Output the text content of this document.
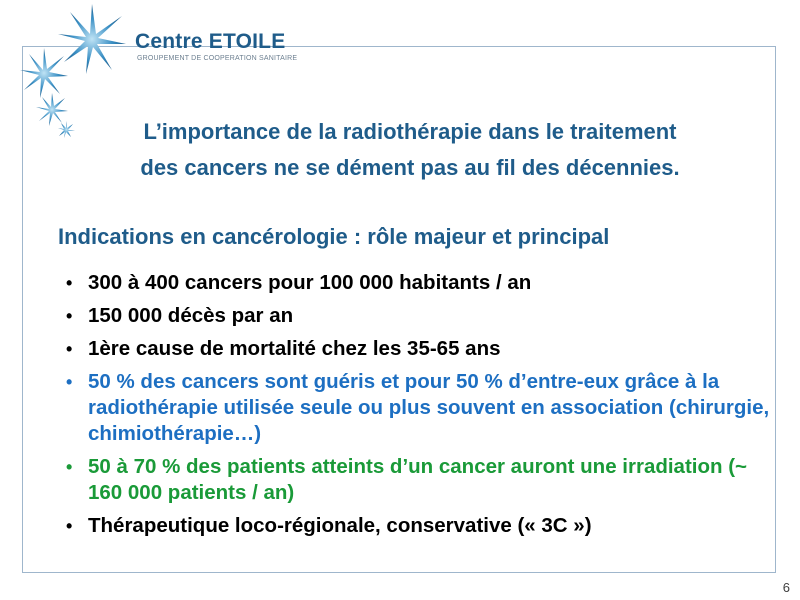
Centre ETOILE
GROUPEMENT DE COOPERATION SANITAIRE
L’importance de la radiothérapie dans le traitement
des cancers ne se dément pas au fil des décennies.
Indications en cancérologie : rôle majeur et principal
• 300 à 400 cancers pour 100 000 habitants / an
• 150 000 décès par an
• 1ère cause de mortalité chez les 35-65 ans
• 50 % des cancers sont guéris et pour 50 % d’entre-eux grâce à la radiothérapie utilisée seule ou plus souvent en association (chirurgie, chimiothérapie…)
• 50 à 70 % des patients atteints d’un cancer auront une irradiation (~ 160 000 patients / an)
• Thérapeutique loco-régionale, conservative (« 3C »)
6
